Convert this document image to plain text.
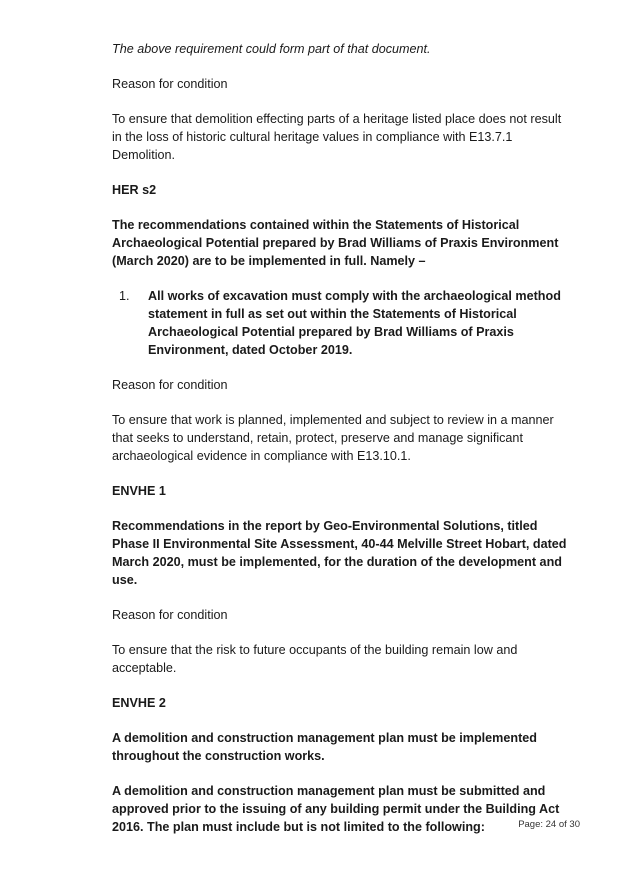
The above requirement could form part of that document.

Reason for condition

To ensure that demolition effecting parts of a heritage listed place does not result in the loss of historic cultural heritage values in compliance with E13.7.1 Demolition.

HER s2

The recommendations contained within the Statements of Historical Archaeological Potential prepared by Brad Williams of Praxis Environment (March 2020) are to be implemented in full. Namely –

1.	All works of excavation must comply with the archaeological method statement in full as set out within the Statements of Historical Archaeological Potential prepared by Brad Williams of Praxis Environment, dated October 2019.

Reason for condition

To ensure that work is planned, implemented and subject to review in a manner that seeks to understand, retain, protect, preserve and manage significant archaeological evidence in compliance with E13.10.1.

ENVHE 1

Recommendations in the report by Geo-Environmental Solutions, titled Phase II Environmental Site Assessment, 40-44 Melville Street Hobart, dated March 2020, must be implemented, for the duration of the development and use.

Reason for condition

To ensure that the risk to future occupants of the building remain low and acceptable.

ENVHE 2

A demolition and construction management plan must be implemented throughout the construction works.

A demolition and construction management plan must be submitted and approved prior to the issuing of any building permit under the Building Act 2016. The plan must include but is not limited to the following:	Page: 24 of 30
